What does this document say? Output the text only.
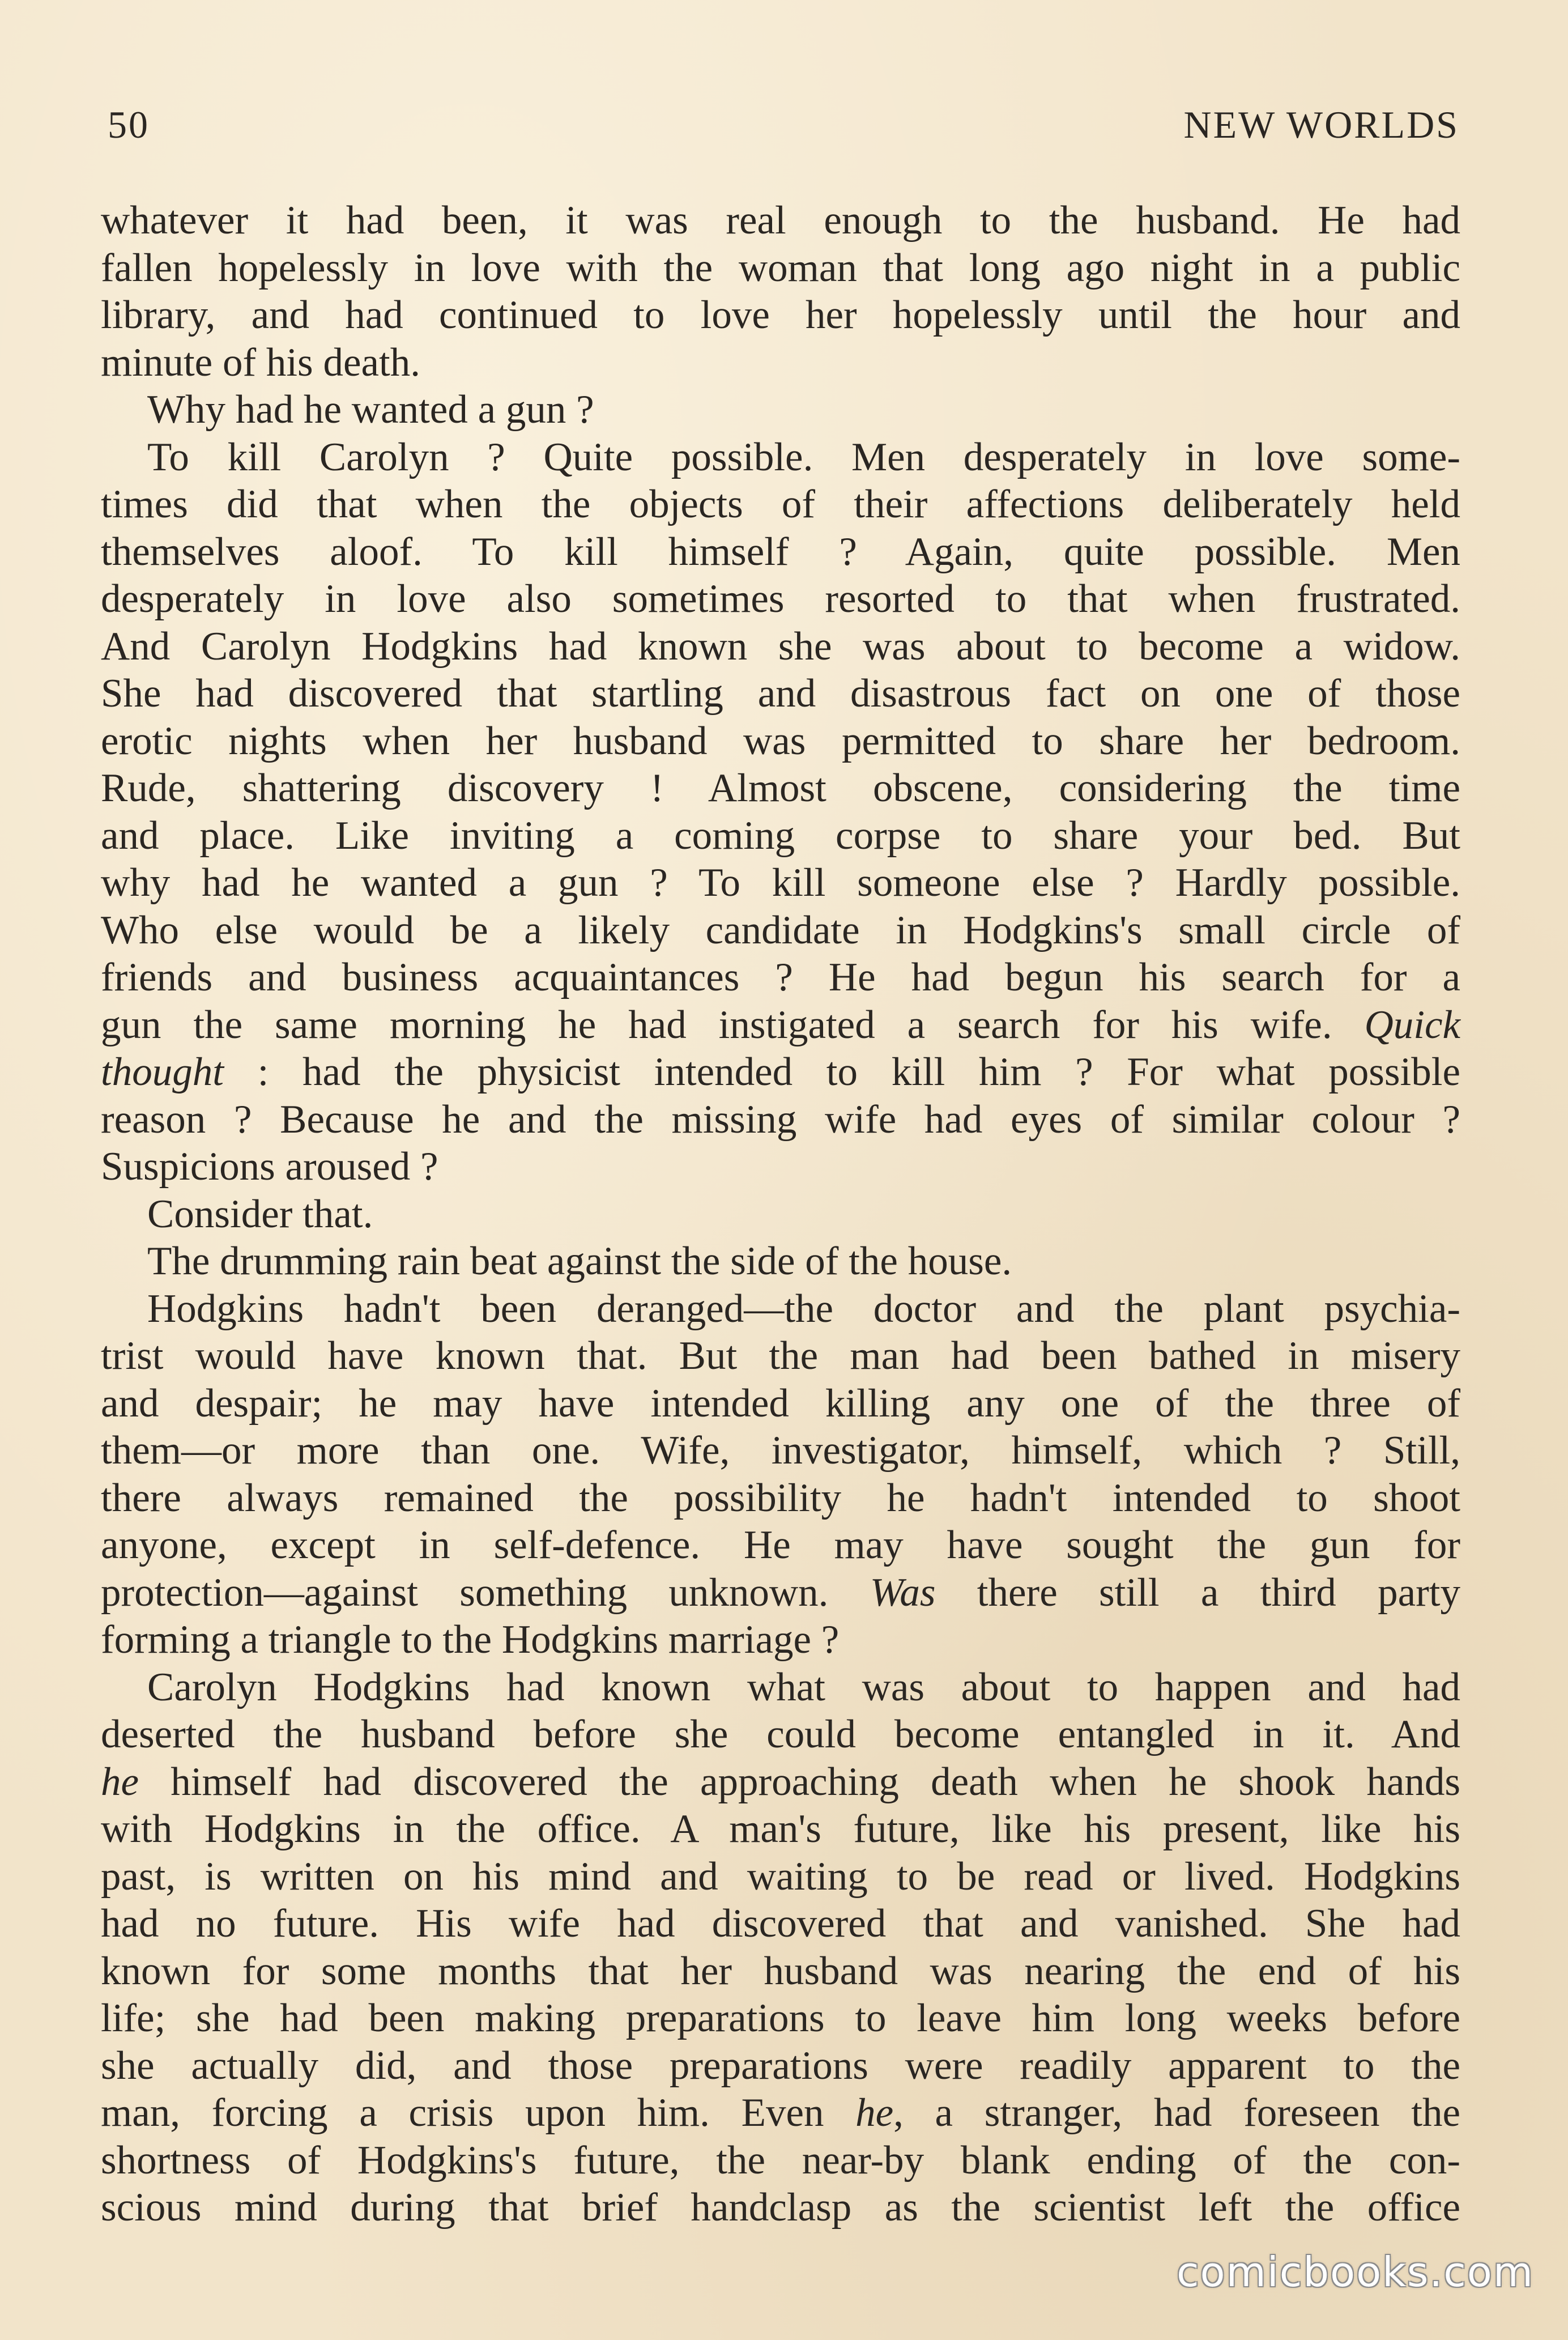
50	NEW WORLDS
whatever it had been, it was real enough to the husband. He had
fallen hopelessly in love with the woman that long ago night in a public
library, and had continued to love her hopelessly until the hour and
minute of his death.
Why had he wanted a gun ?
To kill Carolyn ? Quite possible. Men desperately in love some-
times did that when the objects of their affections deliberately held
themselves aloof. To kill himself ? Again, quite possible. Men
desperately in love also sometimes resorted to that when frustrated.
And Carolyn Hodgkins had known she was about to become a widow.
She had discovered that startling and disastrous fact on one of those
erotic nights when her husband was permitted to share her bedroom.
Rude, shattering discovery ! Almost obscene, considering the time
and place. Like inviting a coming corpse to share your bed. But
why had he wanted a gun ? To kill someone else ? Hardly possible.
Who else would be a likely candidate in Hodgkins's small circle of
friends and business acquaintances ? He had begun his search for a
gun the same morning he had instigated a search for his wife. Quick
thought : had the physicist intended to kill him ? For what possible
reason ? Because he and the missing wife had eyes of similar colour ?
Suspicions aroused ?
Consider that.
The drumming rain beat against the side of the house.
Hodgkins hadn't been deranged—the doctor and the plant psychia-
trist would have known that. But the man had been bathed in misery
and despair; he may have intended killing any one of the three of
them—or more than one. Wife, investigator, himself, which ? Still,
there always remained the possibility he hadn't intended to shoot
anyone, except in self-defence. He may have sought the gun for
protection—against something unknown. Was there still a third party
forming a triangle to the Hodgkins marriage ?
Carolyn Hodgkins had known what was about to happen and had
deserted the husband before she could become entangled in it. And
he himself had discovered the approaching death when he shook hands
with Hodgkins in the office. A man's future, like his present, like his
past, is written on his mind and waiting to be read or lived. Hodgkins
had no future. His wife had discovered that and vanished. She had
known for some months that her husband was nearing the end of his
life; she had been making preparations to leave him long weeks before
she actually did, and those preparations were readily apparent to the
man, forcing a crisis upon him. Even he, a stranger, had foreseen the
shortness of Hodgkins's future, the near-by blank ending of the con-
scious mind during that brief handclasp as the scientist left the office
comicbooks.com
